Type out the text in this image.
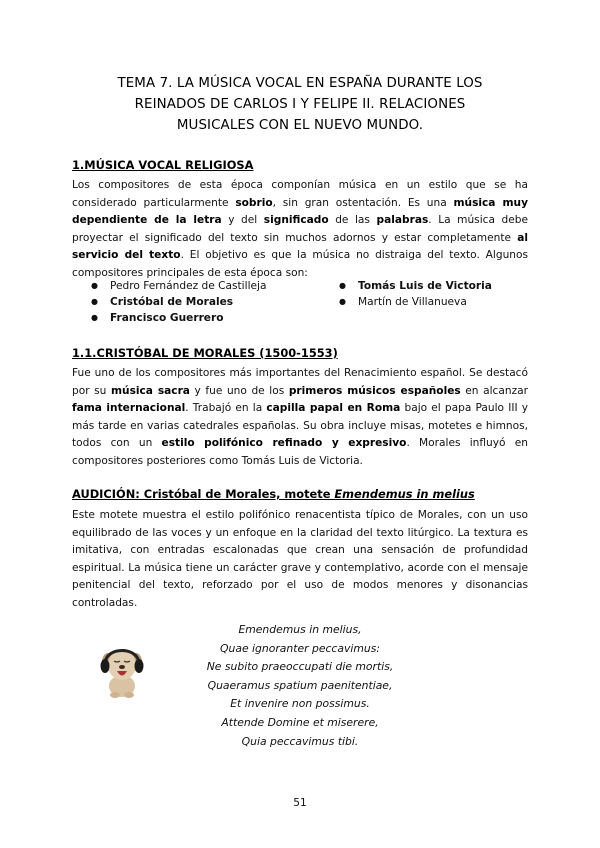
TEMA 7. LA MÚSICA VOCAL EN ESPAÑA DURANTE LOS
REINADOS DE CARLOS I Y FELIPE II. RELACIONES
MUSICALES CON EL NUEVO MUNDO.
1.MÚSICA VOCAL RELIGIOSA
Los compositores de esta época componían música en un estilo que se ha considerado particularmente sobrio, sin gran ostentación. Es una música muy dependiente de la letra y del significado de las palabras. La música debe proyectar el significado del texto sin muchos adornos y estar completamente al servicio del texto. El objetivo es que la música no distraiga del texto. Algunos compositores principales de esta época son:
● Pedro Fernández de Castilleja
● Cristóbal de Morales
● Francisco Guerrero
● Tomás Luis de Victoria
● Martín de Villanueva
1.1.CRISTÓBAL DE MORALES (1500-1553)
Fue uno de los compositores más importantes del Renacimiento español. Se destacó por su música sacra y fue uno de los primeros músicos españoles en alcanzar fama internacional. Trabajó en la capilla papal en Roma bajo el papa Paulo III y más tarde en varias catedrales españolas. Su obra incluye misas, motetes e himnos, todos con un estilo polifónico refinado y expresivo. Morales influyó en compositores posteriores como Tomás Luis de Victoria.
AUDICIÓN: Cristóbal de Morales, motete Emendemus in melius
Este motete muestra el estilo polifónico renacentista típico de Morales, con un uso equilibrado de las voces y un enfoque en la claridad del texto litúrgico. La textura es imitativa, con entradas escalonadas que crean una sensación de profundidad espiritual. La música tiene un carácter grave y contemplativo, acorde con el mensaje penitencial del texto, reforzado por el uso de modos menores y disonancias controladas.
Emendemus in melius,
Quae ignoranter peccavimus:
Ne subito praeoccupati die mortis,
Quaeramus spatium paenitentiae,
Et invenire non possimus.
Attende Domine et miserere,
Quia peccavimus tibi.
51
